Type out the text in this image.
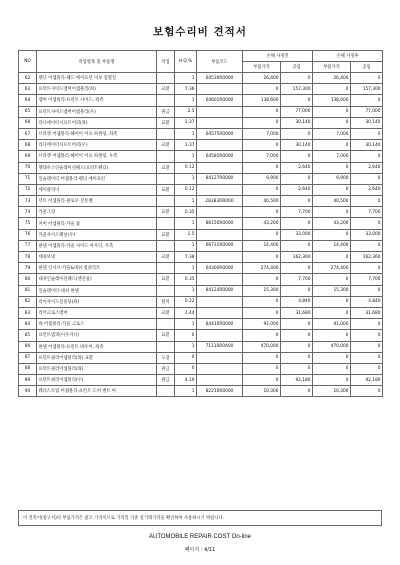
보험수리비 견적서
NO	작업항목 및 부품명	작업	H.Q.%	부품코드	손해 사정전		손해 사정후	
					부품가격	공임	부품가격	공임
62	펜더 어셈블리-헤드 에이프런 이보 검열진		1	64530R0000	26,400	0	26,400	0
63	프런트사이드멤버어셈블리(좌)	교환	7.36		0	157,300	0	157,300
64	멤버 어셈블리-프런트 사이드, 좌측		1	64601R0000	138,600	0	138,600	0
65	프런트사이드멤버어셈블리(우)	판금	2.5		0	77,000	0	77,000
66	라디에이터서포트어퍼(좌)	교환	1.37		0	30,140	0	30,140
67	브라켓 어셈블리-헤어이 어프 하센링, 좌측		1	64575R0000	7,000	0	7,000	0
68	라디에이터서포트어퍼(우)	교환	1.37		0	30,140	0	30,140
69	브라켓 어셈블리-헤어이 어프 하센링, 우측		1	64585R0000	7,000	0	7,000	0
70	헬레우스인슐레이션패드(프런트펜더)	교환	0.12		0	2,640	0	2,640
71	인슐레이터 어셈블리-펜더 에이프런		1	84127R0000	6,900	0	6,900	0
72	에어클리너	교환	0.12		0	2,640	0	2,640
73	덕트 어셈블리-클로우 진통벨		1	28383DR000	40,500	0	40,500	0
74	카울그릴	교환	0.35		0	7,700	0	7,700
75	커버 어셈블리-카울 톱		1	86150R0000	43,200	0	43,200	0
76	카울사이드패널(우)	교환	1.5		0	33,000	0	33,000
77	판넬 어셈블리-카울 사이드 아우터, 우측		1	66731R0000	14,400	0	14,400	0
78	대쉬보넷	교환	7.38		0	162,360	0	162,360
79	판넬 인서브-카울&대쉬 컴플리트		1	64300R0000	274,400	0	274,400	0
80	대쉬인슐레이션패드(엔진룸)	교환	0.35		0	7,700	0	7,700
81	인슐레이터-대쉬 판넬		1	84124R0000	15,300	0	15,300	0
82	리어사이드실몰딩(좌)	탈착	0.22		0	4,840	0	4,840
83	리어크로스멤버	교환	1.44		0	31,680	0	31,680
84	바 어셈블리-카울 크로스		1	84410R0000	91,000	0	91,000	0
85	프런트범퍼(이우자너)	교환	0		0	0	0	0
86	판넬 어셈블리-프런트 바우어, 좌측		1	71110R0A00	470,000	0	470,000	0
87	프런트필러어셈블리(좌) 교환	도장	0		0	0	0	0
88	프런트필러어셈블리(좌)	판금	0		0	0	0	0
89	프런트필러어셈블리(우)	판금	4.19		0	92,180	0	92,180
90	웨더스트립 어셈블리-프런트 도어 벨트 아		1	82210R0000	10,300	0	10,300	0
이 견적서(청구서)의 부품가격은 참고 가격이므로 가격일 기준 실거래가격을 확인하여 사용하시기 바랍니다.
AUTOMOBILE REPAIR COST On-line
페이지 : 4/11
